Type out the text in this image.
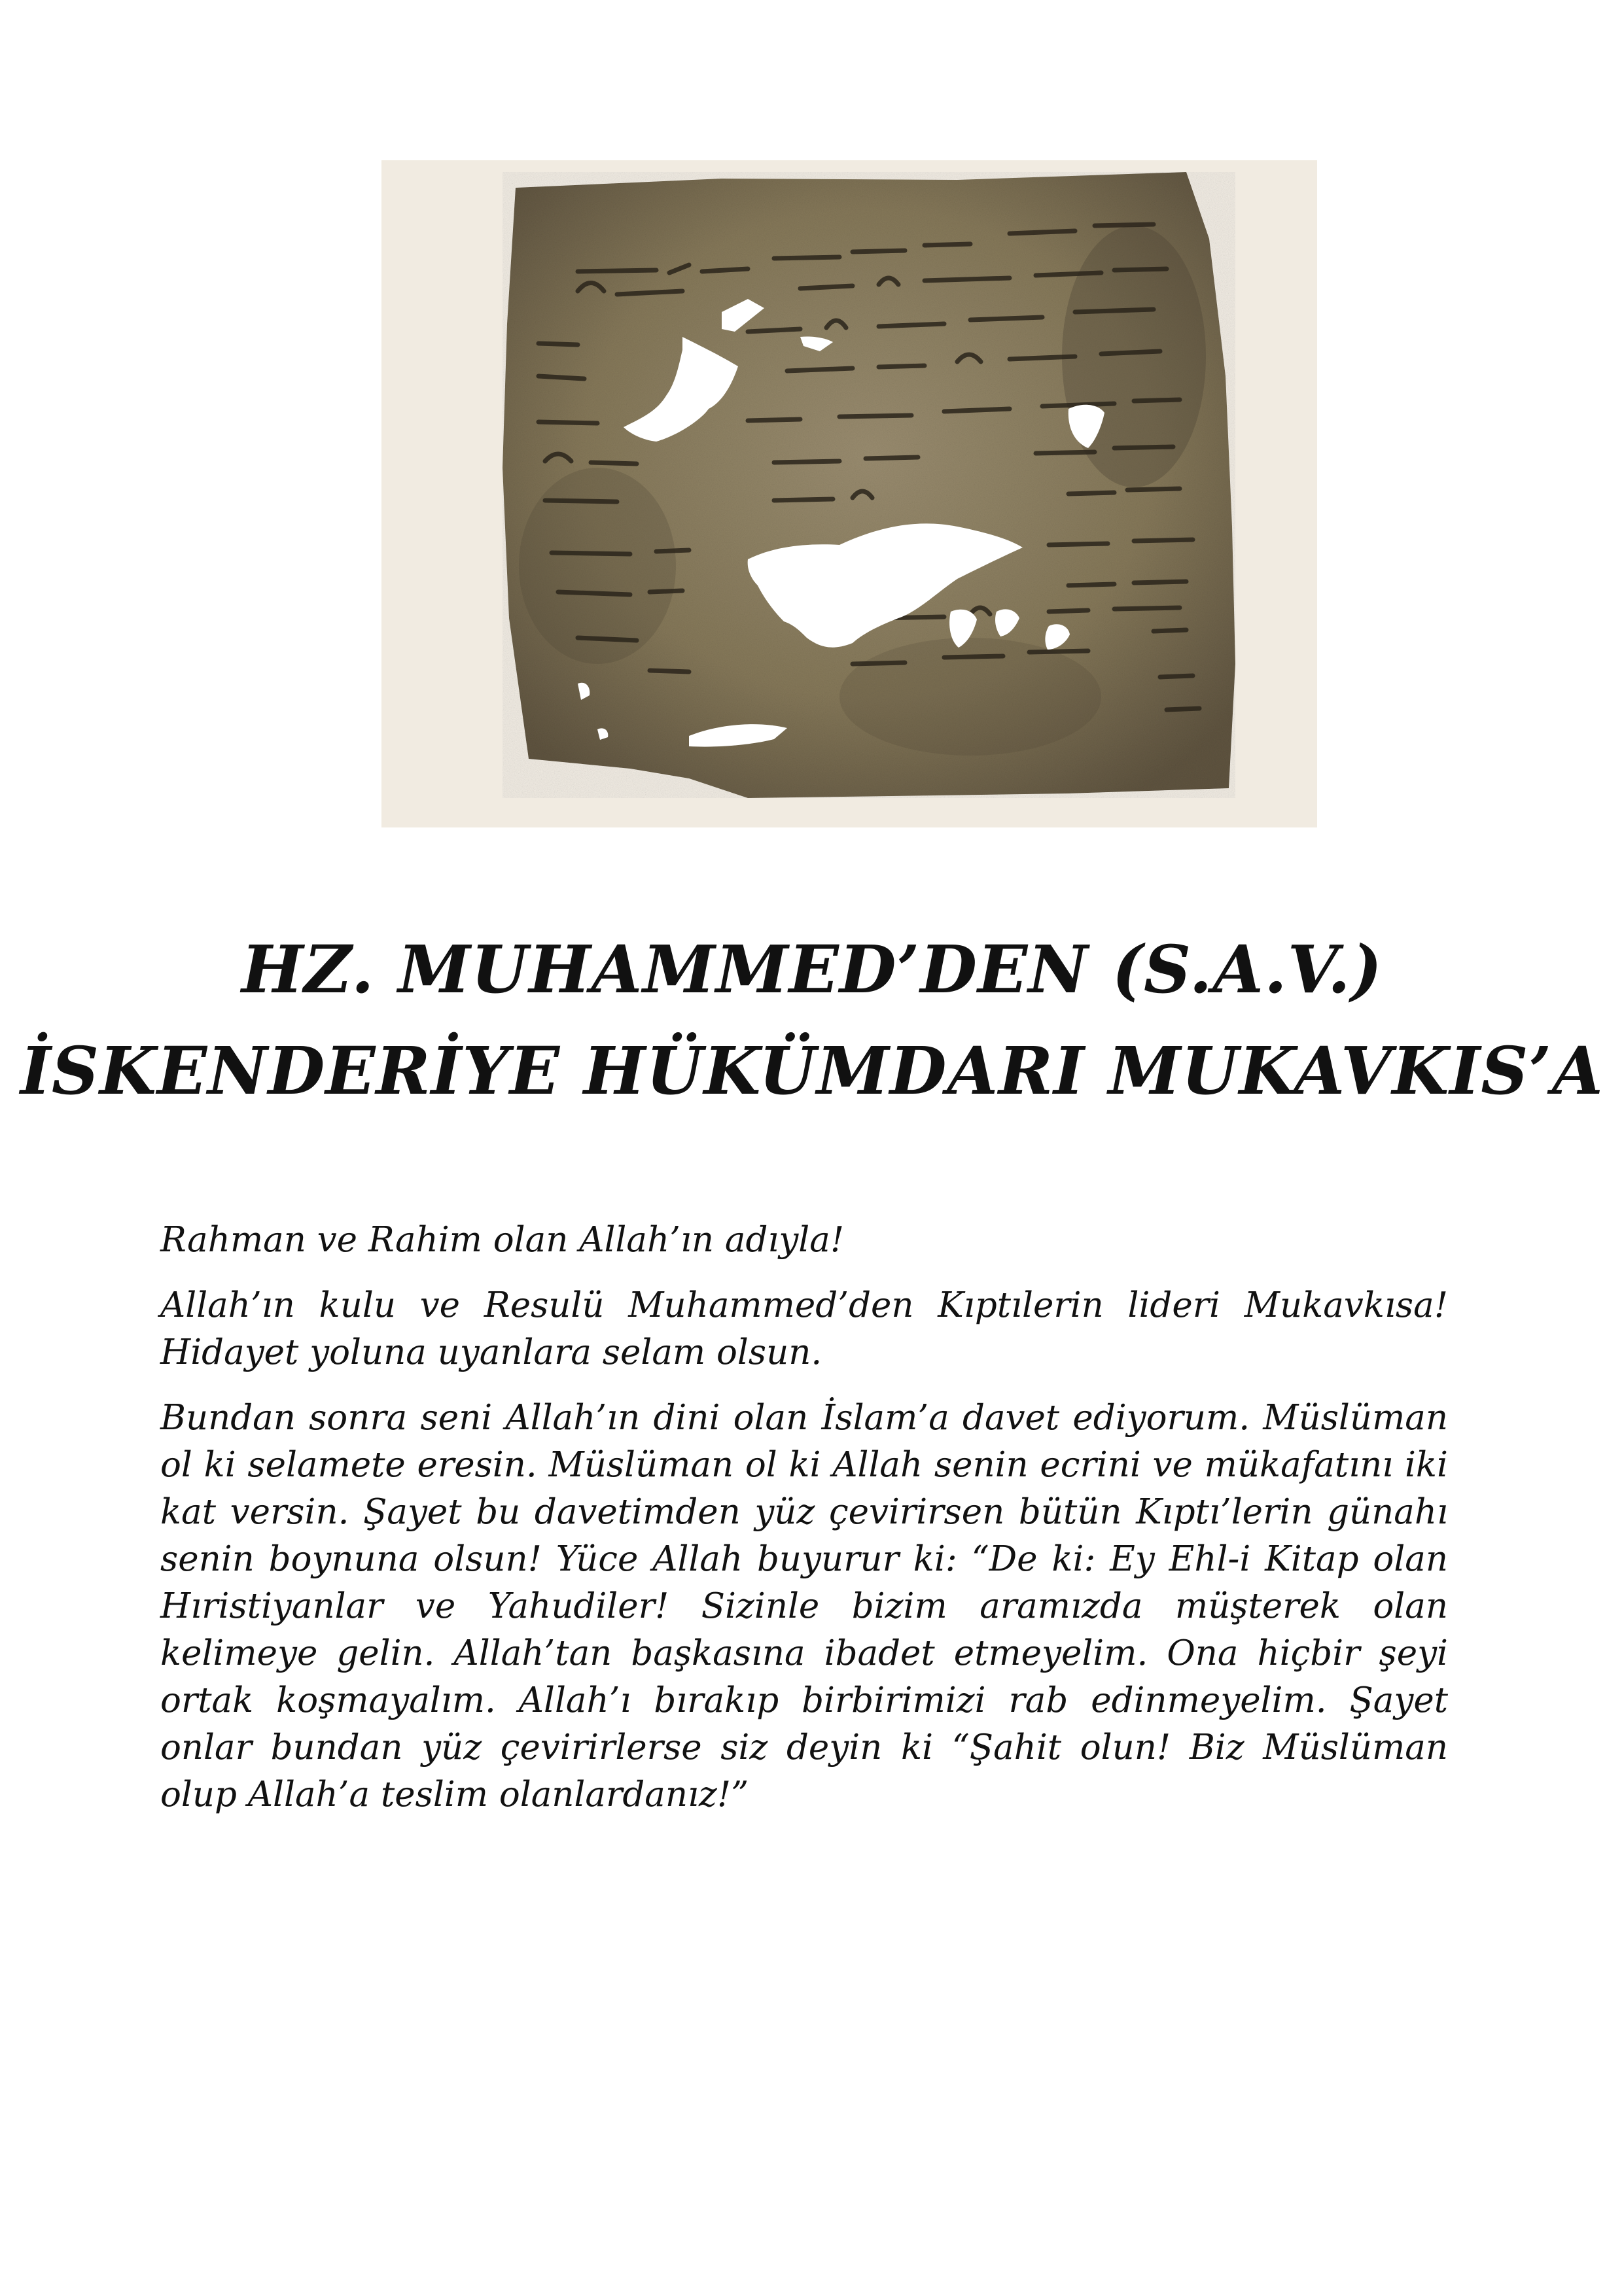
HZ. MUHAMMED’DEN (S.A.V.)
İSKENDERİYE HÜKÜMDARI MUKAVKIS’A

Rahman ve Rahim olan Allah’ın adıyla!

Allah’ın kulu ve Resulü Muhammed’den Kıptılerin lideri Mukavkısa! Hidayet yoluna uyanlara selam olsun.

Bundan sonra seni Allah’ın dini olan İslam’a davet ediyorum. Müslüman ol ki selamete eresin. Müslüman ol ki Allah senin ecrini ve mükafatını iki kat versin. Şayet bu davetimden yüz çevirirsen bütün Kıptı’lerin günahı senin boynuna olsun! Yüce Allah buyurur ki: “De ki: Ey Ehl-i Kitap olan Hıristiyanlar ve Yahudiler! Sizinle bizim aramızda müşterek olan kelimeye gelin. Allah’tan başkasına ibadet etmeyelim. Ona hiçbir şeyi ortak koşmayalım. Allah’ı bırakıp birbirimizi rab edinmeyelim. Şayet onlar bundan yüz çevirirlerse siz deyin ki “Şahit olun! Biz Müslüman olup Allah’a teslim olanlardanız!”
